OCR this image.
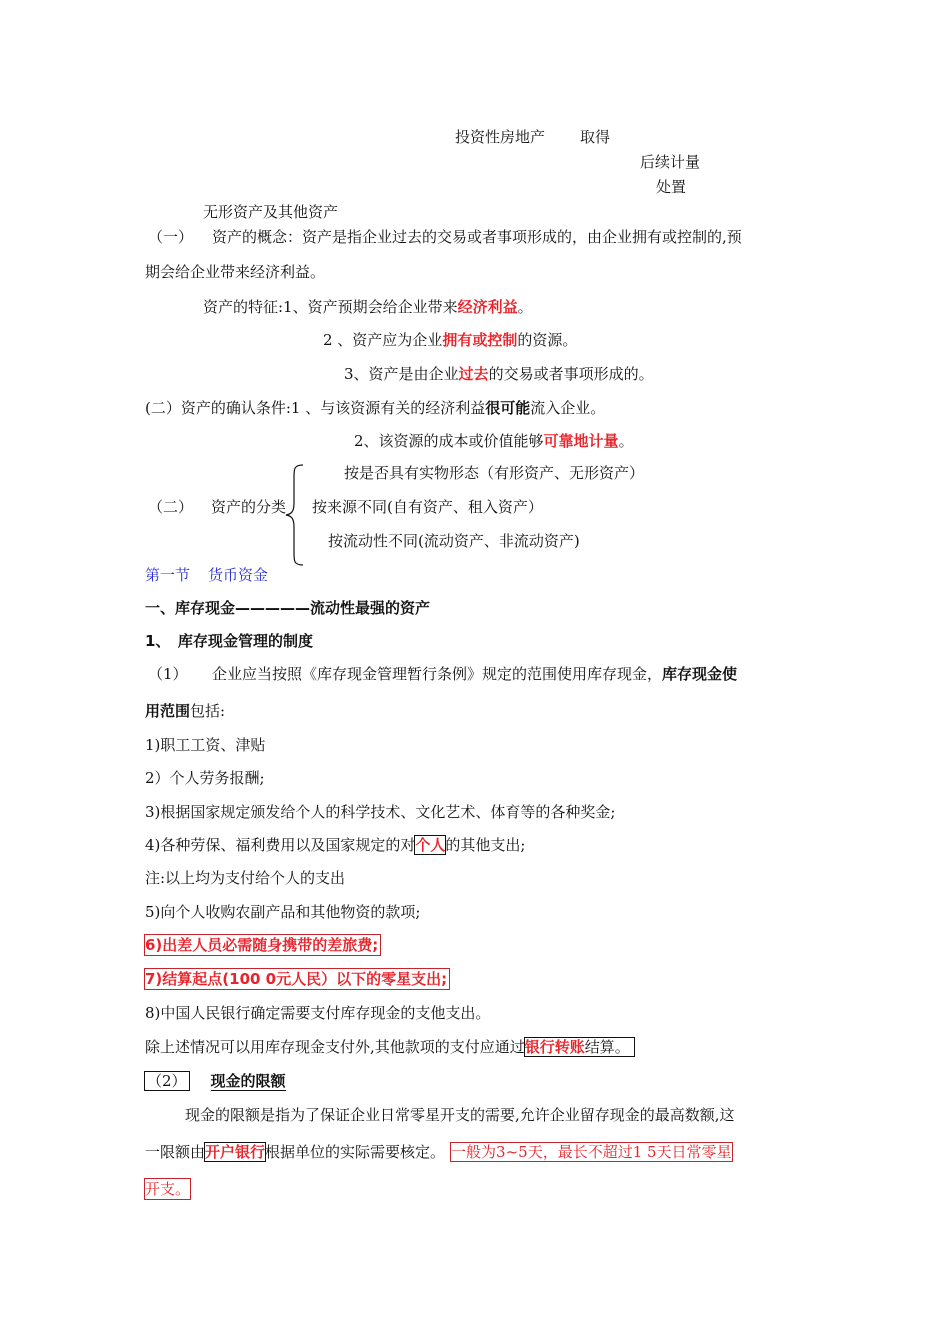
投资性房地产 取得
后续计量
处置
无形资产及其他资产
（一） 资产的概念：资产是指企业过去的交易或者事项形成的，由企业拥有或控制的,预
期会给企业带来经济利益。
资产的特征:1、资产预期会给企业带来经济利益。
2 、资产应为企业拥有或控制的资源。
3、资产是由企业过去的交易或者事项形成的。
(二）资产的确认条件:1 、与该资源有关的经济利益很可能流入企业。
2、该资源的成本或价值能够可靠地计量。
按是否具有实物形态（有形资产、无形资产）
（二） 资产的分类 按来源不同(自有资产、租入资产）
按流动性不同(流动资产、非流动资产)
第一节 货币资金
一、库存现金—————流动性最强的资产
1、　库存现金管理的制度
（1） 企业应当按照《库存现金管理暂行条例》规定的范围使用库存现金，库存现金使
用范围包括:
1)职工工资、津贴
2）个人劳务报酬;
3)根据国家规定颁发给个人的科学技术、文化艺术、体育等的各种奖金;
4)各种劳保、福利费用以及国家规定的对个人的其他支出;
注:以上均为支付给个人的支出
5)向个人收购农副产品和其他物资的款项;
6)出差人员必需随身携带的差旅费;
7)结算起点(100 0元人民）以下的零星支出;
8)中国人民银行确定需要支付库存现金的支他支出。
除上述情况可以用库存现金支付外,其他款项的支付应通过银行转账结算。
（2） 现金的限额
现金的限额是指为了保证企业日常零星开支的需要,允许企业留存现金的最高数额,这
一限额由开户银行根据单位的实际需要核定。 一般为3~5天，最长不超过1 5天日常零星
开支。
